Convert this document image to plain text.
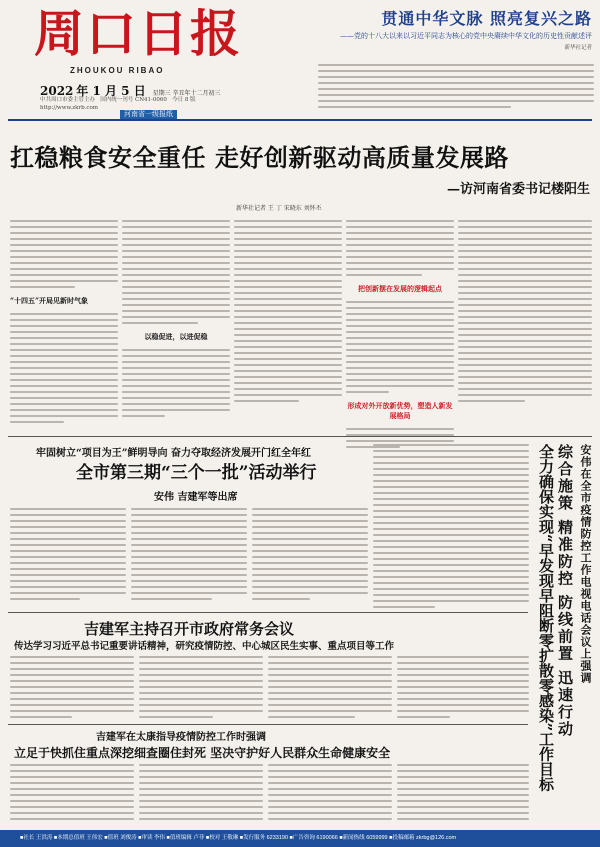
周口日报
ZHOUKOU RIBAO
2022 年 1 月 5 日 星期三 辛丑年十二月初三
中共周口市委主管主办 国内统一刊号 CN41-0060 今日 8 版
http://www.zkrb.com
河南省一级报纸
贯通中华文脉 照亮复兴之路
——党的十八大以来以习近平同志为核心的党中央赓续中华文化的历史性贡献述评
新华社记者
扛稳粮食安全重任 走好创新驱动高质量发展路
—访河南省委书记楼阳生
新华社记者 王 丁 宋晓东 刘怀丕
“十四五”开局见新时气象
以稳促进，以进促稳
把创新摆在发展的逻辑起点
形成对外开放新优势，塑造人新发展格局
牢固树立“项目为王”鲜明导向 奋力夺取经济发展开门红全年红
全市第三期“三个一批”活动举行
安伟 吉建军等出席
吉建军主持召开市政府常务会议
传达学习习近平总书记重要讲话精神，研究疫情防控、中心城区民生实事、重点项目等工作
吉建军在太康指导疫情防控工作时强调
立足于快抓住重点深挖细查圈住封死 坚决守护好人民群众生命健康安全
安伟在全市疫情防控工作电视电话会议上强调
综合施策 精准防控 防线前置 迅速行动
全力确保实现“早发现早阻断零扩散零感染”工作目标
■社长 王洪涛 ■本期总值班 王伟宏 ■值班 刘俊涛 ■审读 李伟 ■值班编辑 卢菲 ■校对 王敬琳 ■发行服务 6233190 ■广告咨询 6190066 ■新闻热线 6059999 ■投稿邮箱 zkrbg@126.com
